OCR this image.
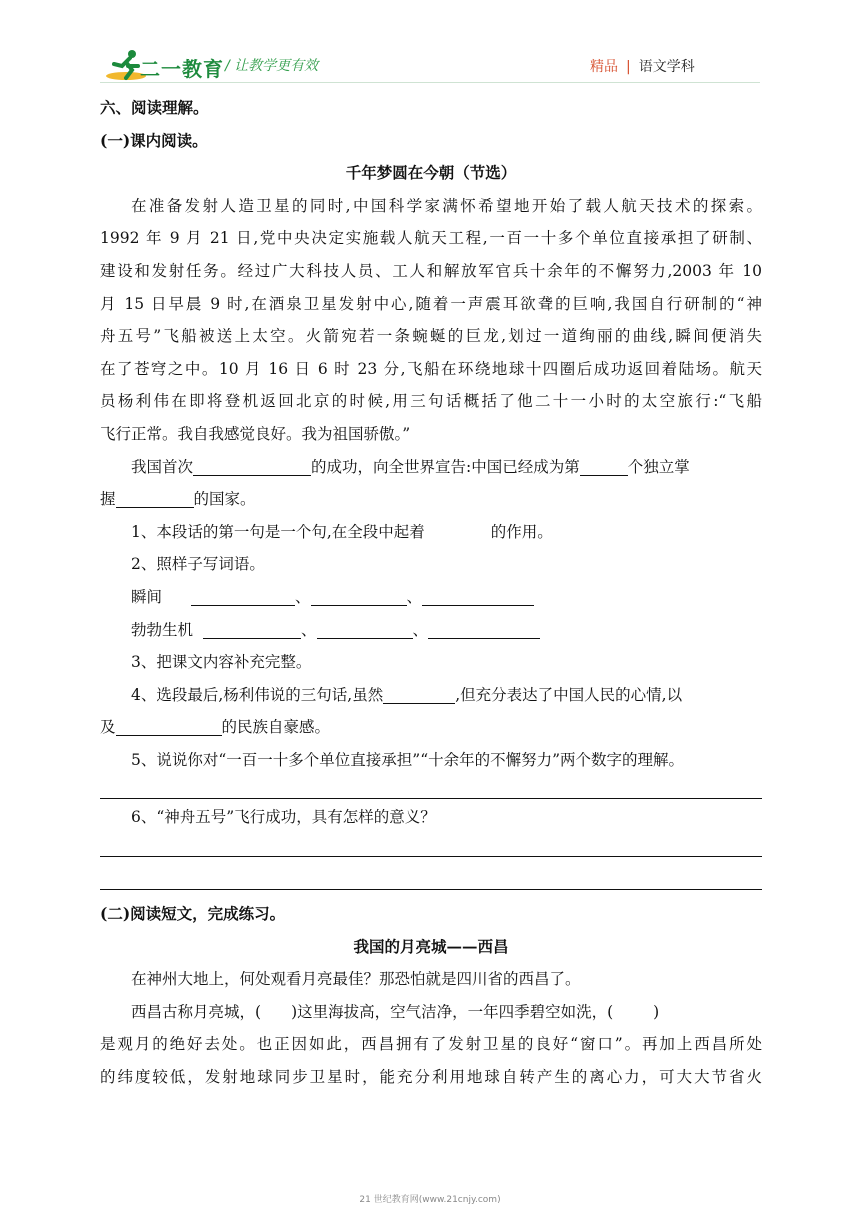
二一教育 / 让教学更有效	精品 | 语文学科
六、阅读理解。
(一)课内阅读。
千年梦圆在今朝（节选）
在准备发射人造卫星的同时,中国科学家满怀希望地开始了载人航天技术的探索。
1992 年 9 月 21 日,党中央决定实施载人航天工程,一百一十多个单位直接承担了研制、
建设和发射任务。经过广大科技人员、工人和解放军官兵十余年的不懈努力,2003 年 10
月 15 日早晨 9 时,在酒泉卫星发射中心,随着一声震耳欲聋的巨响,我国自行研制的“神
舟五号”飞船被送上太空。火箭宛若一条蜿蜒的巨龙,划过一道绚丽的曲线,瞬间便消失
在了苍穹之中。10 月 16 日 6 时 23 分,飞船在环绕地球十四圈后成功返回着陆场。航天
员杨利伟在即将登机返回北京的时候,用三句话概括了他二十一小时的太空旅行:“飞船
飞行正常。我自我感觉良好。我为祖国骄傲。”
我国首次	的成功，向全世界宣告:中国已经成为第	个独立掌
握	的国家。
1、本段话的第一句是一个句,在全段中起着	的作用。
2、照样子写词语。
瞬间	、	、
勃勃生机	、	、
3、把课文内容补充完整。
4、选段最后,杨利伟说的三句话,虽然	,但充分表达了中国人民的心情,以
及	的民族自豪感。
5、说说你对“一百一十多个单位直接承担”“十余年的不懈努力”两个数字的理解。
6、“神舟五号”飞行成功，具有怎样的意义？
(二)阅读短文，完成练习。
我国的月亮城——西昌
在神州大地上，何处观看月亮最佳？那恐怕就是四川省的西昌了。
西昌古称月亮城，( )这里海拔高，空气洁净，一年四季碧空如洗，(	)
是观月的绝好去处。也正因如此，西昌拥有了发射卫星的良好“窗口”。再加上西昌所处
的纬度较低，发射地球同步卫星时，能充分利用地球自转产生的离心力，可大大节省火
21 世纪教育网(www.21cnjy.com)
